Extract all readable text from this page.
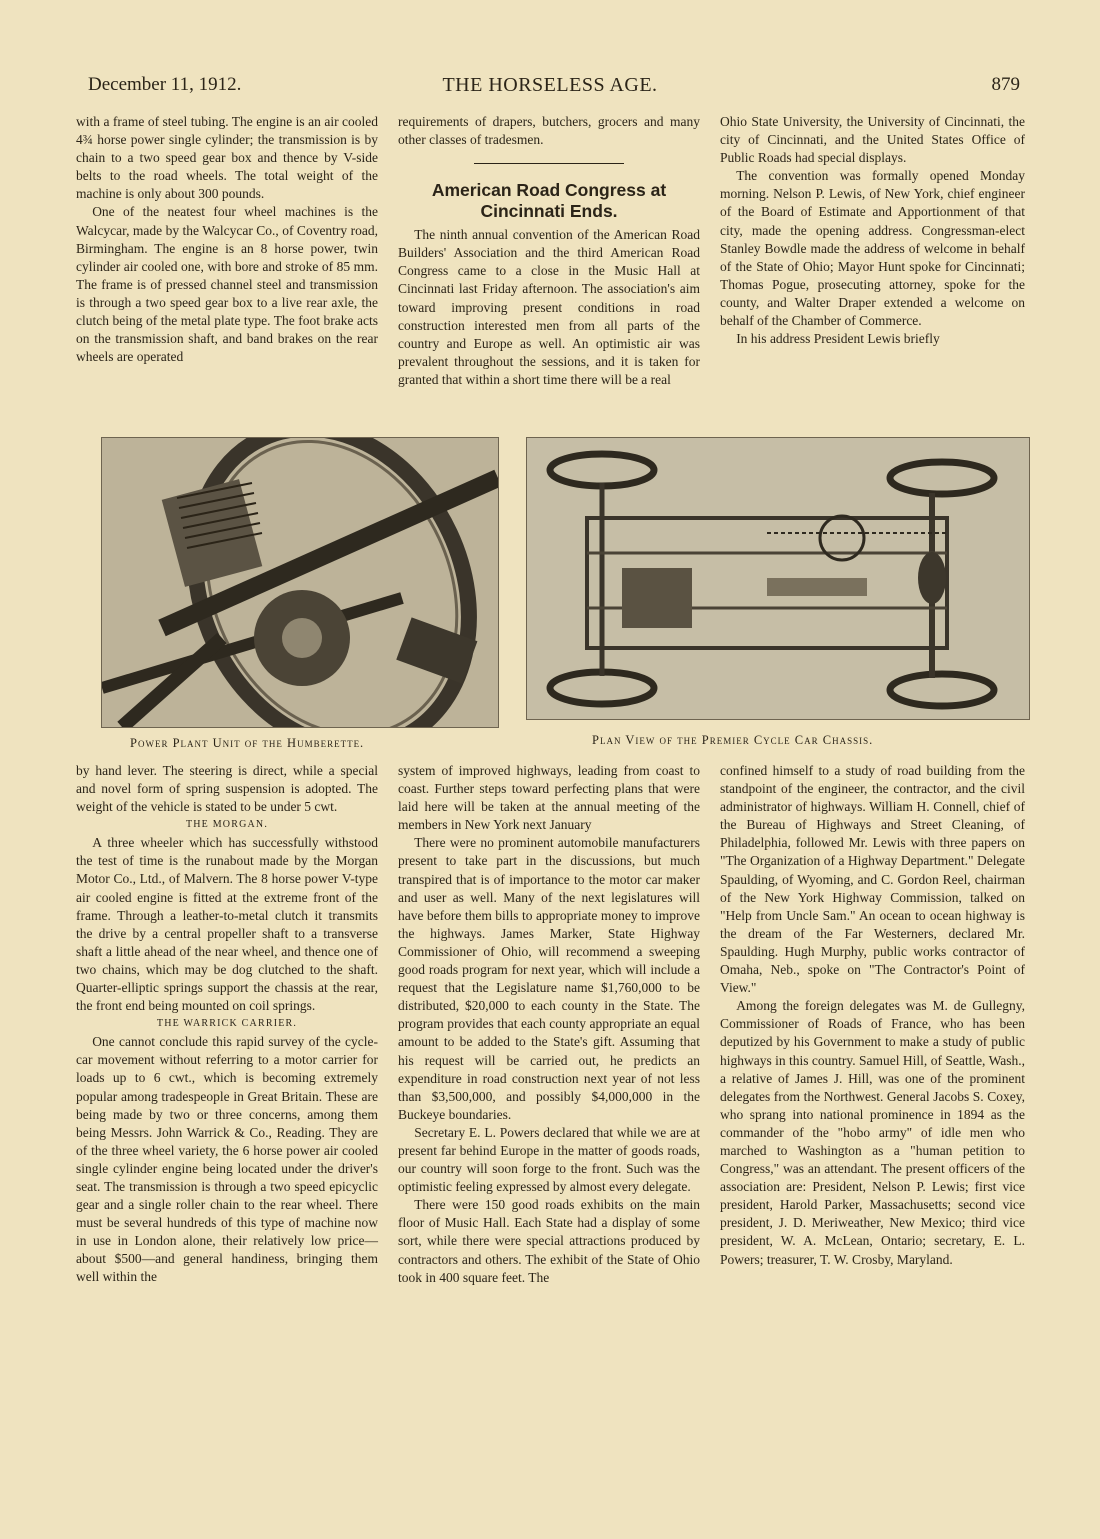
December 11, 1912.	THE HORSELESS AGE.	879

with a frame of steel tubing. The engine is an air cooled 4¾ horse power single cylinder; the transmission is by chain to a two speed gear box and thence by V-side belts to the road wheels. The total weight of the machine is only about 300 pounds.

One of the neatest four wheel machines is the Walcycar, made by the Walcycar Co., of Coventry road, Birmingham. The engine is an 8 horse power, twin cylinder air cooled one, with bore and stroke of 85 mm. The frame is of pressed channel steel and transmission is through a two speed gear box to a live rear axle, the clutch being of the metal plate type. The foot brake acts on the transmission shaft, and band brakes on the rear wheels are operated

requirements of drapers, butchers, grocers and many other classes of tradesmen.

American Road Congress at
Cincinnati Ends.

The ninth annual convention of the American Road Builders' Association and the third American Road Congress came to a close in the Music Hall at Cincinnati last Friday afternoon. The association's aim toward improving present conditions in road construction interested men from all parts of the country and Europe as well. An optimistic air was prevalent throughout the sessions, and it is taken for granted that within a short time there will be a real

Ohio State University, the University of Cincinnati, the city of Cincinnati, and the United States Office of Public Roads had special displays.

The convention was formally opened Monday morning. Nelson P. Lewis, of New York, chief engineer of the Board of Estimate and Apportionment of that city, made the opening address. Congressman-elect Stanley Bowdle made the address of welcome in behalf of the State of Ohio; Mayor Hunt spoke for Cincinnati; Thomas Pogue, prosecuting attorney, spoke for the county, and Walter Draper extended a welcome on behalf of the Chamber of Commerce.

In his address President Lewis briefly

Power Plant Unit of the Humberette.	Plan View of the Premier Cycle Car Chassis.

by hand lever. The steering is direct, while a special and novel form of spring suspension is adopted. The weight of the vehicle is stated to be under 5 cwt.

THE MORGAN.

A three wheeler which has successfully withstood the test of time is the runabout made by the Morgan Motor Co., Ltd., of Malvern. The 8 horse power V-type air cooled engine is fitted at the extreme front of the frame. Through a leather-to-metal clutch it transmits the drive by a central propeller shaft to a transverse shaft a little ahead of the near wheel, and thence one of two chains, which may be dog clutched to the shaft. Quarter-elliptic springs support the chassis at the rear, the front end being mounted on coil springs.

THE WARRICK CARRIER.

One cannot conclude this rapid survey of the cycle-car movement without referring to a motor carrier for loads up to 6 cwt., which is becoming extremely popular among tradespeople in Great Britain. These are being made by two or three concerns, among them being Messrs. John Warrick & Co., Reading. They are of the three wheel variety, the 6 horse power air cooled single cylinder engine being located under the driver's seat. The transmission is through a two speed epicyclic gear and a single roller chain to the rear wheel. There must be several hundreds of this type of machine now in use in London alone, their relatively low price—about $500—and general handiness, bringing them well within the

system of improved highways, leading from coast to coast. Further steps toward perfecting plans that were laid here will be taken at the annual meeting of the members in New York next January

There were no prominent automobile manufacturers present to take part in the discussions, but much transpired that is of importance to the motor car maker and user as well. Many of the next legislatures will have before them bills to appropriate money to improve the highways. James Marker, State Highway Commissioner of Ohio, will recommend a sweeping good roads program for next year, which will include a request that the Legislature name $1,760,000 to be distributed, $20,000 to each county in the State. The program provides that each county appropriate an equal amount to be added to the State's gift. Assuming that his request will be carried out, he predicts an expenditure in road construction next year of not less than $3,500,000, and possibly $4,000,000 in the Buckeye boundaries.

Secretary E. L. Powers declared that while we are at present far behind Europe in the matter of goods roads, our country will soon forge to the front. Such was the optimistic feeling expressed by almost every delegate.

There were 150 good roads exhibits on the main floor of Music Hall. Each State had a display of some sort, while there were special attractions produced by contractors and others. The exhibit of the State of Ohio took in 400 square feet. The

confined himself to a study of road building from the standpoint of the engineer, the contractor, and the civil administrator of highways. William H. Connell, chief of the Bureau of Highways and Street Cleaning, of Philadelphia, followed Mr. Lewis with three papers on "The Organization of a Highway Department." Delegate Spaulding, of Wyoming, and C. Gordon Reel, chairman of the New York Highway Commission, talked on "Help from Uncle Sam." An ocean to ocean highway is the dream of the Far Westerners, declared Mr. Spaulding. Hugh Murphy, public works contractor of Omaha, Neb., spoke on "The Contractor's Point of View."

Among the foreign delegates was M. de Gullegny, Commissioner of Roads of France, who has been deputized by his Government to make a study of public highways in this country. Samuel Hill, of Seattle, Wash., a relative of James J. Hill, was one of the prominent delegates from the Northwest. General Jacobs S. Coxey, who sprang into national prominence in 1894 as the commander of the "hobo army" of idle men who marched to Washington as a "human petition to Congress," was an attendant. The present officers of the association are: President, Nelson P. Lewis; first vice president, Harold Parker, Massachusetts; second vice president, J. D. Meriweather, New Mexico; third vice president, W. A. McLean, Ontario; secretary, E. L. Powers; treasurer, T. W. Crosby, Maryland.
